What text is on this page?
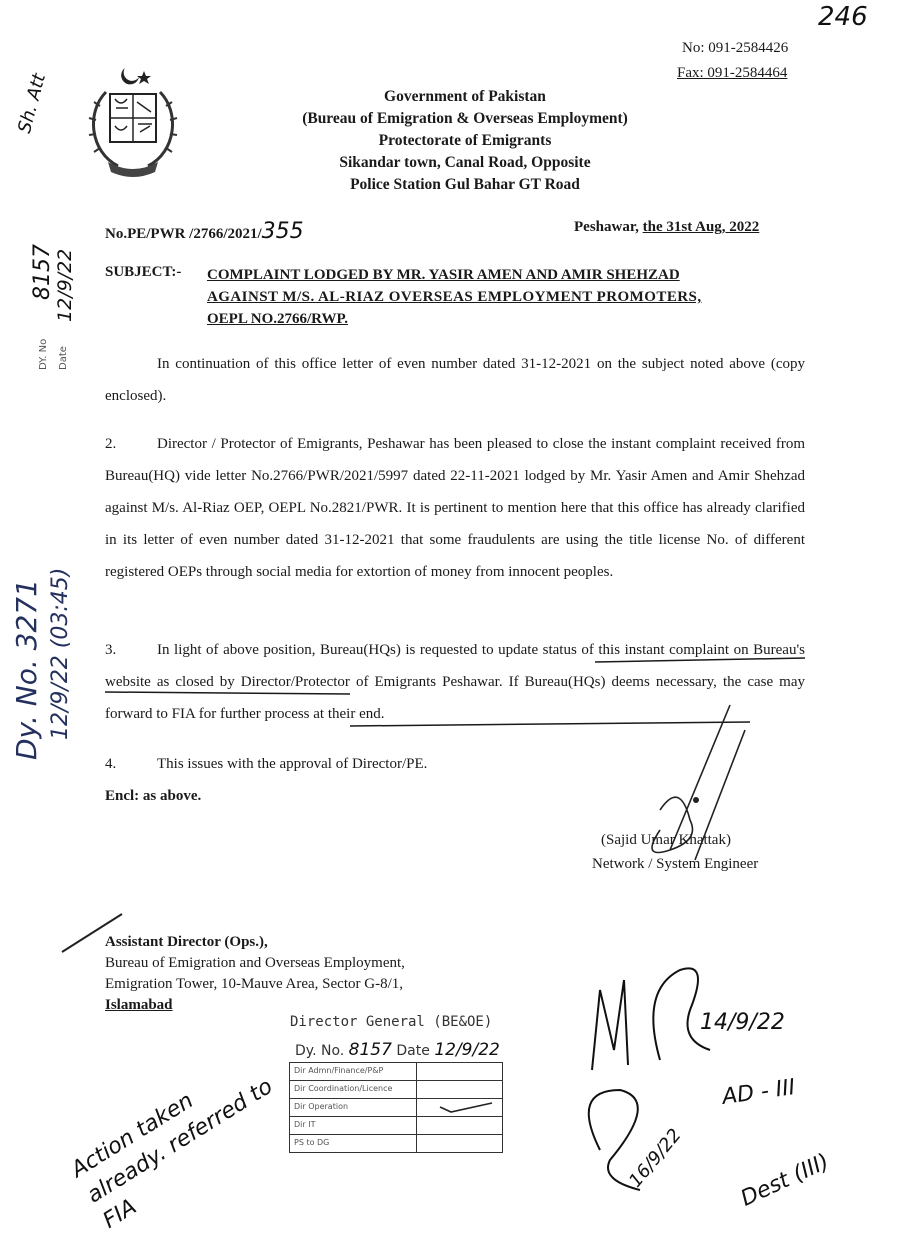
246
No: 091-2584426
Fax: 091-2584464
Government of Pakistan
(Bureau of Emigration & Overseas Employment)
Protectorate of Emigrants
Sikandar town, Canal Road, Opposite
Police Station Gul Bahar GT Road
No.PE/PWR /2766/2021/355	Peshawar, the 31st Aug, 2022
SUBJECT:- COMPLAINT LODGED BY MR. YASIR AMEN AND AMIR SHEHZAD
AGAINST M/S. AL-RIAZ OVERSEAS EMPLOYMENT PROMOTERS,
OEPL NO.2766/RWP.
In continuation of this office letter of even number dated 31-12-2021 on the subject noted above (copy enclosed).
2.	Director / Protector of Emigrants, Peshawar has been pleased to close the instant complaint received from Bureau(HQ) vide letter No.2766/PWR/2021/5997 dated 22-11-2021 lodged by Mr. Yasir Amen and Amir Shehzad against M/s. Al-Riaz OEP, OEPL No.2821/PWR. It is pertinent to mention here that this office has already clarified in its letter of even number dated 31-12-2021 that some fraudulents are using the title license No. of different registered OEPs through social media for extortion of money from innocent peoples.
3.	In light of above position, Bureau(HQs) is requested to update status of this instant complaint on Bureau's website as closed by Director/Protector of Emigrants Peshawar. If Bureau(HQs) deems necessary, the case may forward to FIA for further process at their end.
4.	This issues with the approval of Director/PE.
Encl: as above.
(Sajid Umar Khattak)
Network / System Engineer
Assistant Director (Ops.),
Bureau of Emigration and Overseas Employment,
Emigration Tower, 10-Mauve Area, Sector G-8/1,
Islamabad
Director General (BE&OE)
Dy. No. 8157 Date 12/9/22
Dir Admn/Finance/P&P
Dir Coordination/Licence
Dir Operation
Dir IT
PS to DG
Dy. No. 3271 12/9/22 (03:45)
Sh. Att
DY. No Date
8157 12/9/22
Action taken already. referred to FIA
14/9/22
AD - III
16/9/22 Dest (III)
